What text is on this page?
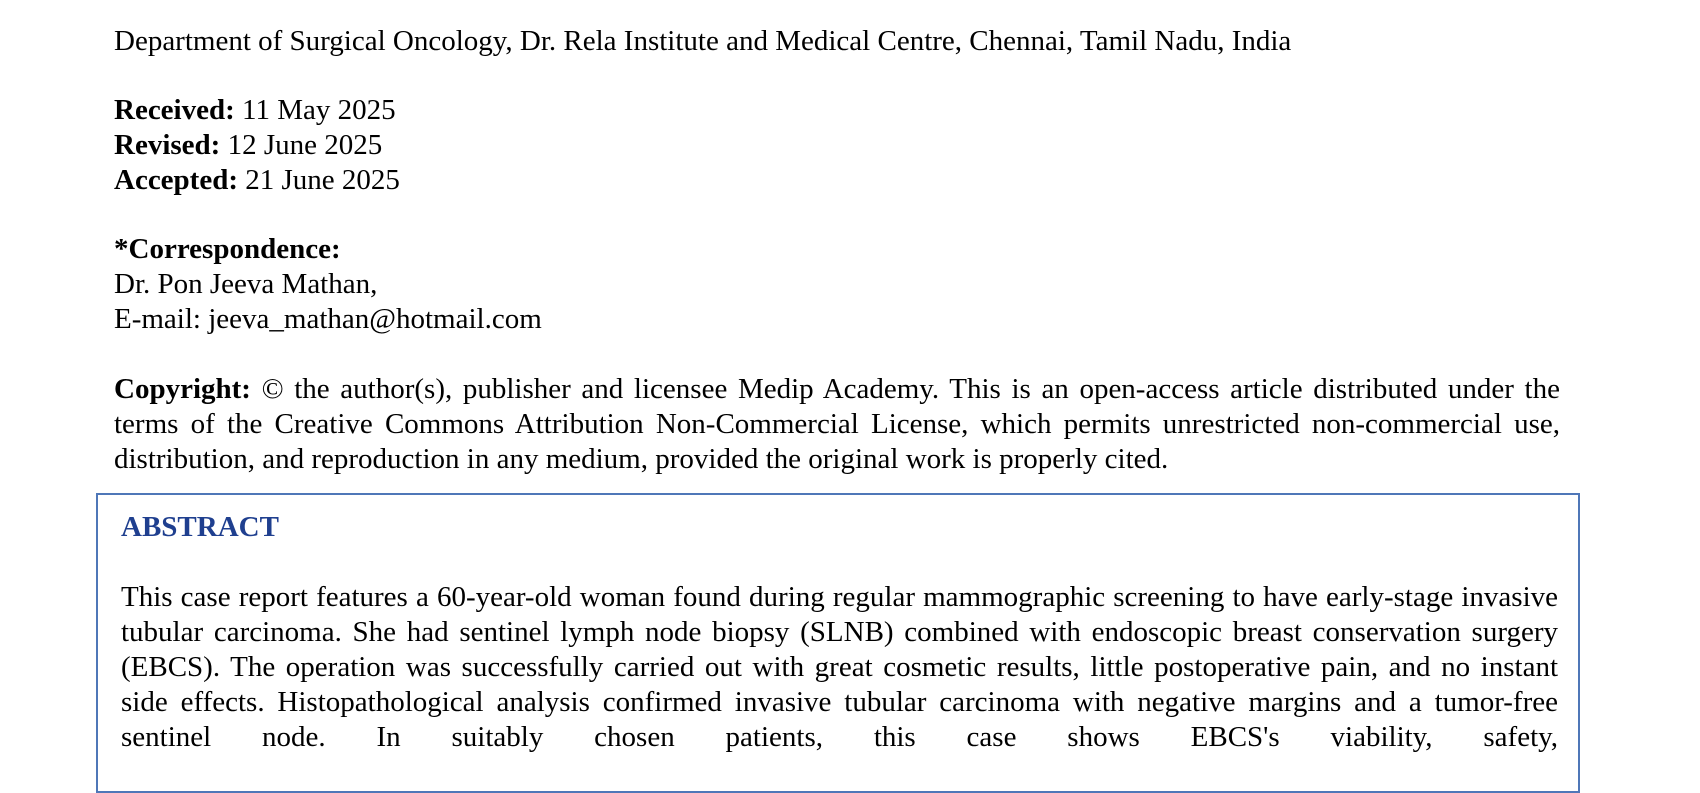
Department of Surgical Oncology, Dr. Rela Institute and Medical Centre, Chennai, Tamil Nadu, India

Received: 11 May 2025
Revised: 12 June 2025
Accepted: 21 June 2025
*Correspondence:
Dr. Pon Jeeva Mathan,
E-mail: jeeva_mathan@hotmail.com

Copyright: © the author(s), publisher and licensee Medip Academy. This is an open-access article distributed under the terms of the Creative Commons Attribution Non-Commercial License, which permits unrestricted non-commercial use, distribution, and reproduction in any medium, provided the original work is properly cited.

ABSTRACT

This case report features a 60-year-old woman found during regular mammographic screening to have early-stage invasive tubular carcinoma. She had sentinel lymph node biopsy (SLNB) combined with endoscopic breast conservation surgery (EBCS). The operation was successfully carried out with great cosmetic results, little postoperative pain, and no instant side effects. Histopathological analysis confirmed invasive tubular carcinoma with negative margins and a tumor-free sentinel node. In suitably chosen patients, this case shows EBCS's viability, safety,
